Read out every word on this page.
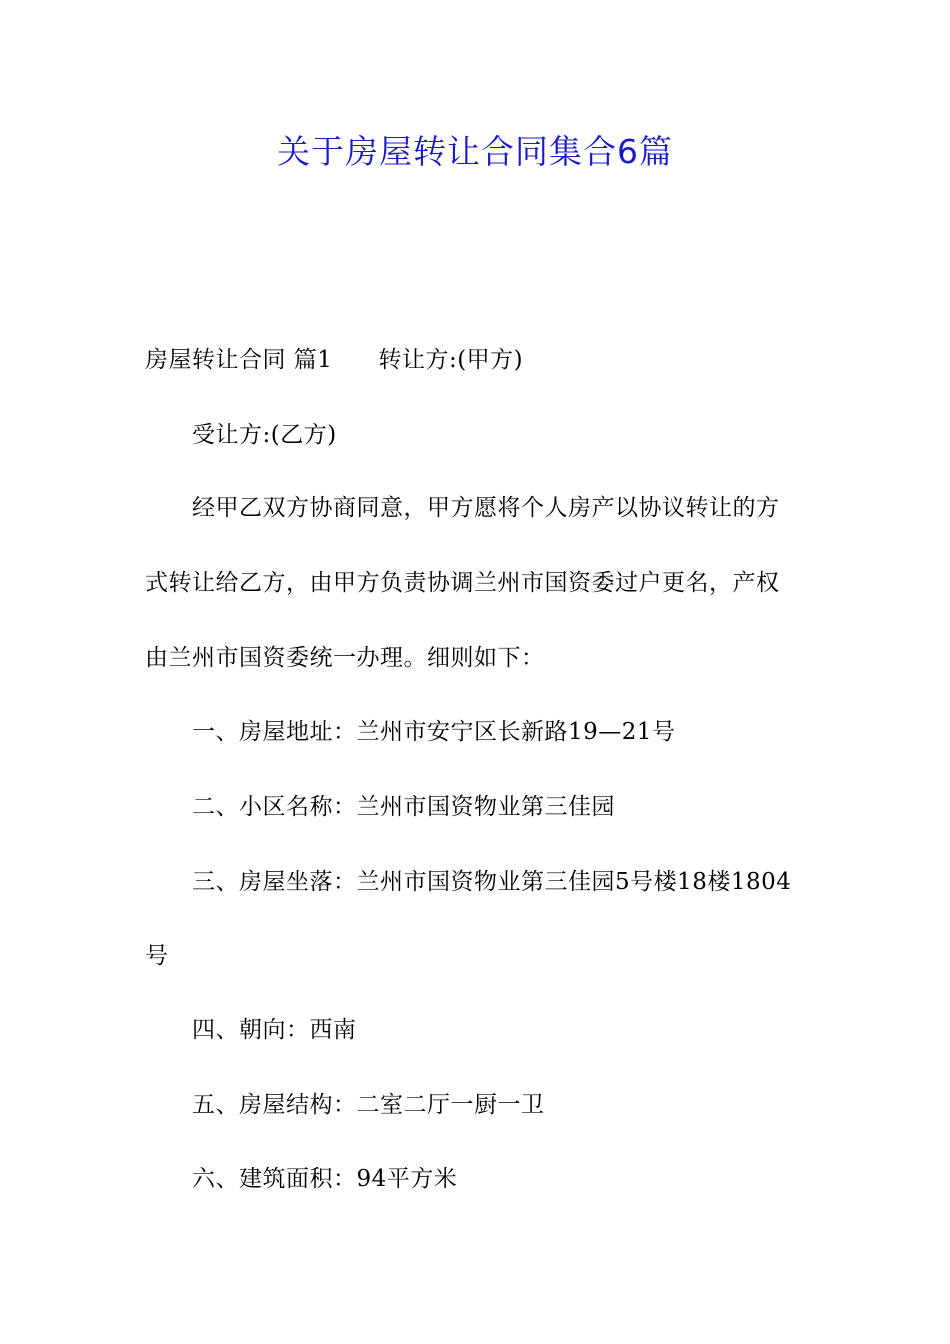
关于房屋转让合同集合6篇
房屋转让合同 篇1 转让方:(甲方)
受让方:(乙方)
经甲乙双方协商同意，甲方愿将个人房产以协议转让的方
式转让给乙方，由甲方负责协调兰州市国资委过户更名，产权
由兰州市国资委统一办理。细则如下：
一、房屋地址：兰州市安宁区长新路19—21号
二、小区名称：兰州市国资物业第三佳园
三、房屋坐落：兰州市国资物业第三佳园5号楼18楼1804
号
四、朝向：西南
五、房屋结构：二室二厅一厨一卫
六、建筑面积：94平方米
